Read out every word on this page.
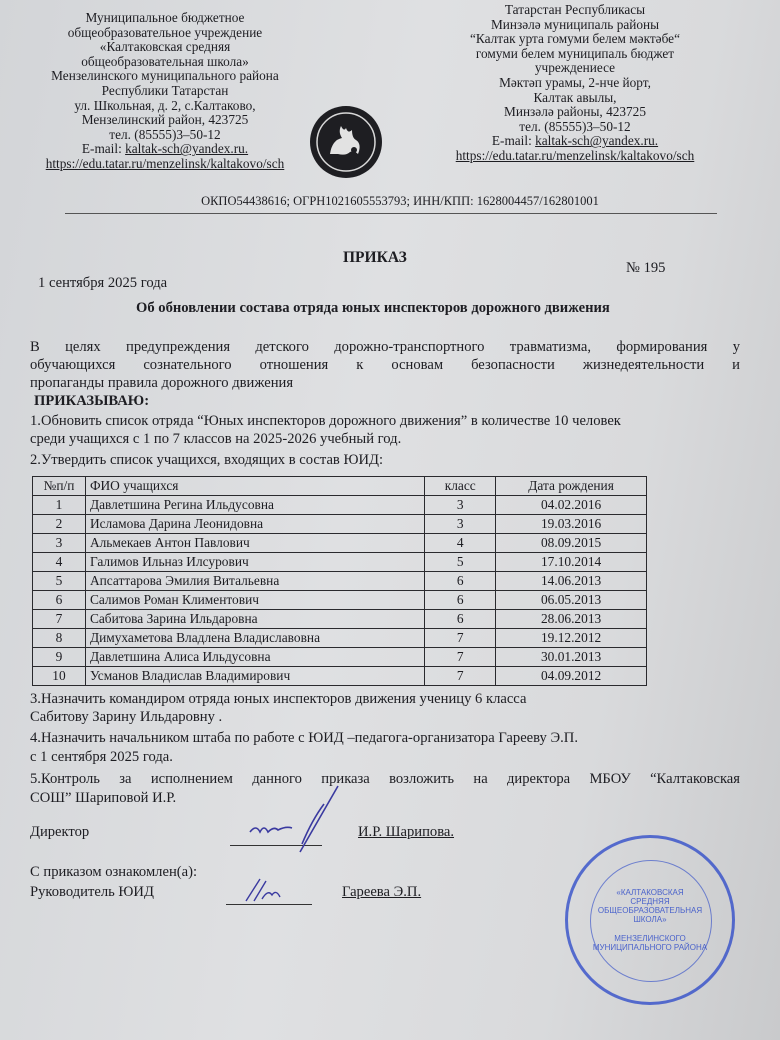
Муниципальное бюджетное
общеобразовательное учреждение
«Калтаковская средняя
общеобразовательная школа»
Мензелинского муниципального района
Республики Татарстан
ул. Школьная, д. 2, с.Калтаково,
Мензелинский район, 423725
тел. (85555)3–50-12
E-mail: kaltak-sch@yandex.ru.
https://edu.tatar.ru/menzelinsk/kaltakovo/sch
Татарстан Республикасы
Минзәлә муниципаль районы
“Калтак урта гомуми белем мәктәбе“
гомуми белем муниципаль бюджет
учреждениесе
Мәктәп урамы, 2-нче йорт,
Калтак авылы,
Минзәлә районы, 423725
тел. (85555)3–50-12
E-mail: kaltak-sch@yandex.ru.
https://edu.tatar.ru/menzelinsk/kaltakovo/sch
ОКПО54438616; ОГРН1021605553793; ИНН/КПП: 1628004457/162801001
ПРИКАЗ
1 сентября 2025 года
№ 195
Об обновлении состава отряда юных инспекторов дорожного движения
В целях предупреждения детского дорожно-транспортного травматизма, формирования у
обучающихся сознательного отношения к основам безопасности жизнедеятельности и
пропаганды правила дорожного движения
ПРИКАЗЫВАЮ:
1.Обновить список отряда “Юных инспекторов дорожного движения” в количестве 10 человек
среди учащихся с 1 по 7 классов на 2025-2026 учебный год.
2.Утвердить список учащихся, входящих в состав ЮИД:
№п/п	ФИО учащихся	класс	Дата рождения
1	Давлетшина Регина Ильдусовна	3	04.02.2016
2	Исламова Дарина Леонидовна	3	19.03.2016
3	Альмекаев Антон Павлович	4	08.09.2015
4	Галимов Ильназ Илсурович	5	17.10.2014
5	Апсаттарова Эмилия Витальевна	6	14.06.2013
6	Салимов Роман Климентович	6	06.05.2013
7	Сабитова Зарина Ильдаровна	6	28.06.2013
8	Димухаметова Владлена Владиславовна	7	19.12.2012
9	Давлетшина Алиса Ильдусовна	7	30.01.2013
10	Усманов Владислав Владимирович	7	04.09.2012
3.Назначить командиром отряда юных инспекторов движения ученицу 6 класса
Сабитову Зарину Ильдаровну .
4.Назначить начальником штаба по работе с ЮИД –педагога-организатора Гарееву Э.П.
с 1 сентября 2025 года.
5.Контроль за исполнением данного приказа возложить на директора МБОУ “Калтаковская
СОШ” Шариповой И.Р.
Директор	И.Р. Шарипова.
С приказом ознакомлен(а):
Руководитель ЮИД	Гареева Э.П.	«КАЛТАКОВСКАЯ
СРЕДНЯЯ
ОБЩЕОБРАЗОВАТЕЛЬНАЯ
ШКОЛА»
МЕНЗЕЛИНСКОГО
МУНИЦИПАЛЬНОГО РАЙОНА
